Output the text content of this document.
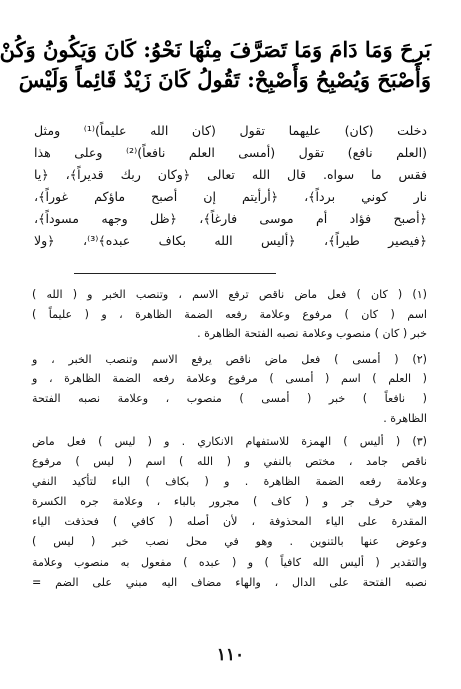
بَرِحَ وَمَا دَامَ وَمَا تَصَرَّفَ مِنْهَا نَحْوُ: كَانَ وَيَكُونُ وَكُنْ
وَأَصْبَحَ وَيُصْبِحُ وَأَصْبِحْ: تَقُولُ كَانَ زَيْدٌ قَائِماً وَلَيْسَ
دخلت (كان) عليهما تقول (كان الله عليماً)⁽¹⁾ ومثل
(العلم نافع) تقول (أمسى العلم نافعاً)⁽²⁾ وعلى هذا
فقس ما سواه. قال الله تعالى ﴿وكان ربك قديراً﴾، ﴿يا
نار كوني برداً﴾، ﴿أرأيتم إن أصبح ماؤكم غوراً﴾،
﴿أصبح فؤاد أم موسى فارغاً﴾، ﴿ظل وجهه مسوداً﴾،
﴿فيصير طيراً﴾، ﴿أليس الله بكاف عبده﴾⁽³⁾، ﴿ولا
(١) ( كان ) فعل ماض ناقص ترفع الاسم ، وتنصب الخبر و ( الله )
اسم ( كان ) مرفوع وعلامة رفعه الضمة الظاهرة ، و ( عليماً )
خبر ( كان ) منصوب وعلامة نصبه الفتحة الظاهرة .
(٢) ( أمسى ) فعل ماض ناقص يرفع الاسم وتنصب الخبر ، و
( العلم ) اسم ( أمسى ) مرفوع وعلامة رفعه الضمة الظاهرة ، و
( نافعاً ) خبر ( أمسى ) منصوب ، وعلامة نصبه الفتحة
الظاهرة .
(٣) ( أليس ) الهمزة للاستفهام الانكاري . و ( ليس ) فعل ماض
ناقص جامد ، مختص بالنفي و ( الله ) اسم ( ليس ) مرفوع
وعلامة رفعه الضمة الظاهرة . و ( بكاف ) الباء لتأكيد النفي
وهي حرف جر و ( كاف ) مجرور بالباء ، وعلامة جره الكسرة
المقدرة على الياء المحذوفة ، لأن أصله ( كافي ) فحذفت الياء
وعوض عنها بالتنوين . وهو في محل نصب خبر ( ليس )
والتقدير ( أليس الله كافياً ) و ( عبده ) مفعول به منصوب وعلامة
نصبه الفتحة على الدال ، والهاء مضاف اليه مبني على الضم =
١١٠
